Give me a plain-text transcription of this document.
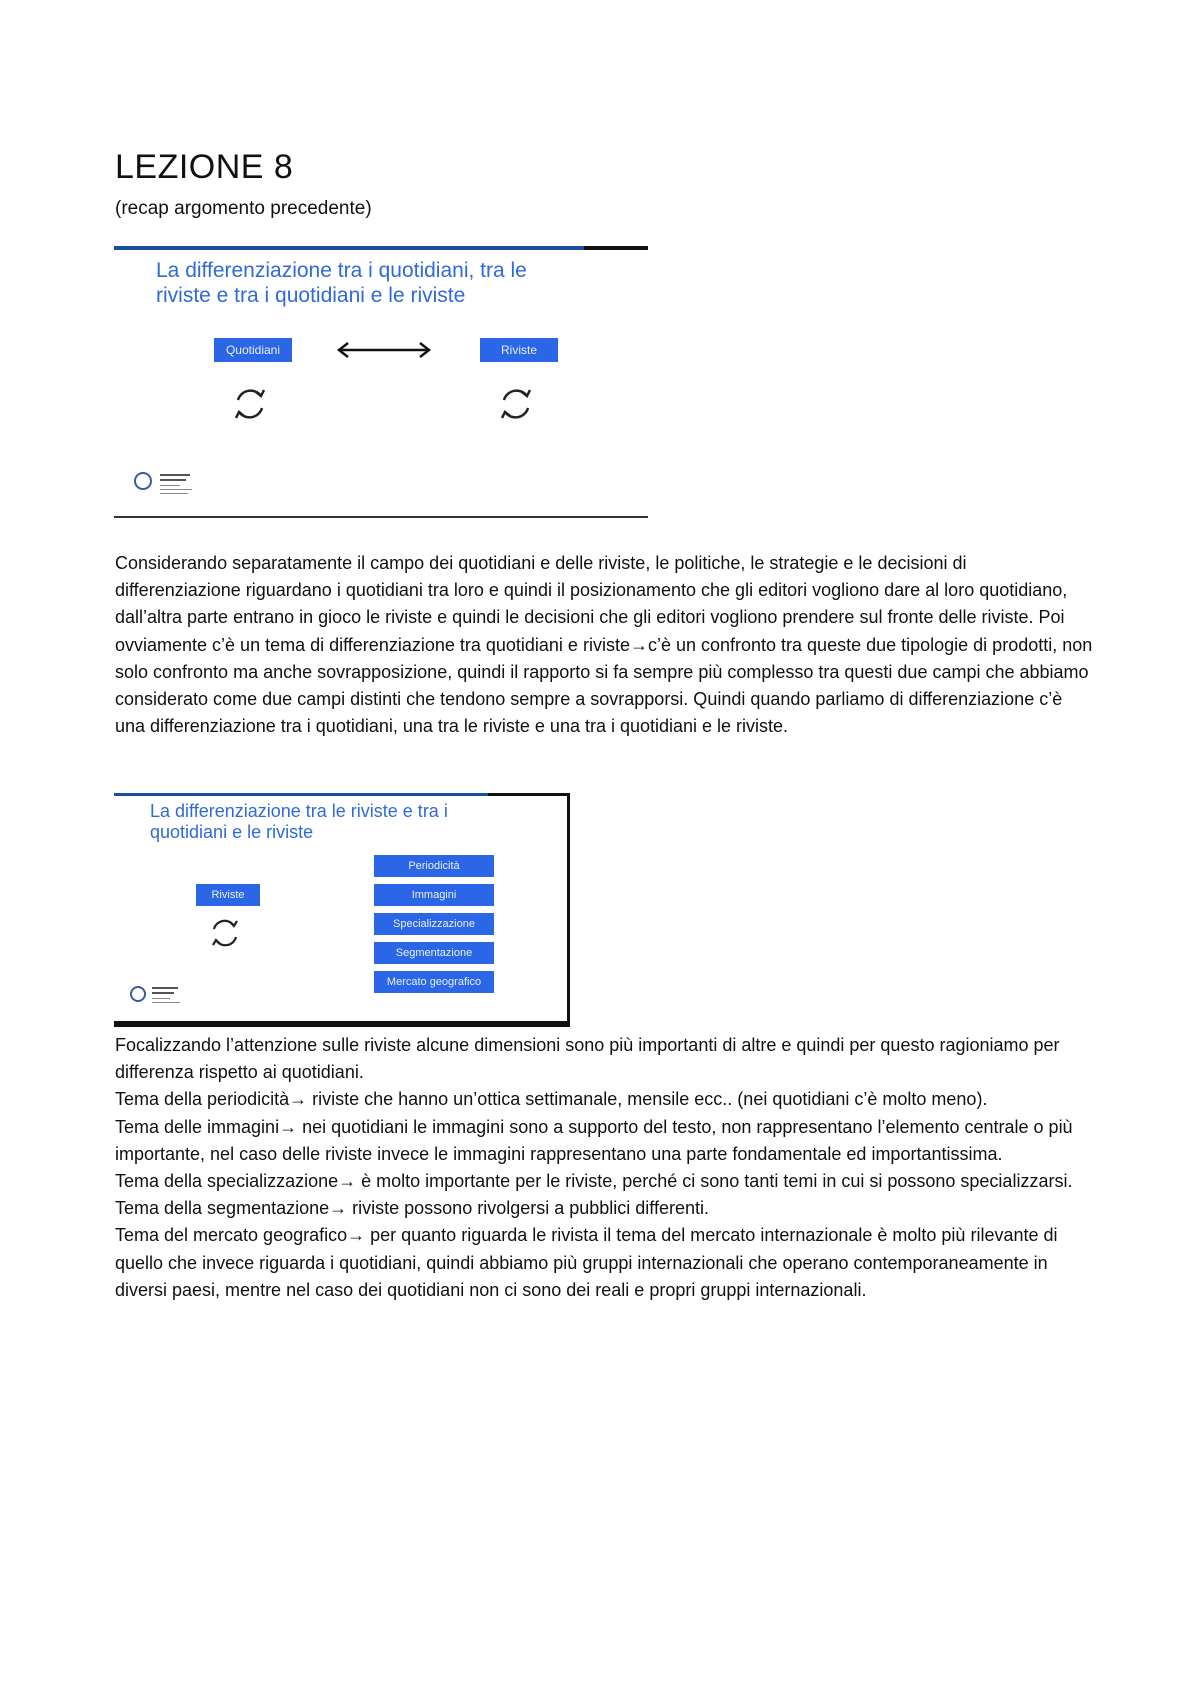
LEZIONE 8
(recap argomento precedente)
La differenziazione tra i quotidiani, tra le
riviste e tra i quotidiani e le riviste
Quotidiani	Riviste

Considerando separatamente il campo dei quotidiani e delle riviste, le politiche, le strategie e le decisioni di differenziazione riguardano i quotidiani tra loro e quindi il posizionamento che gli editori vogliono dare al loro quotidiano, dall’altra parte entrano in gioco le riviste e quindi le decisioni che gli editori vogliono prendere sul fronte delle riviste. Poi ovviamente c’è un tema di differenziazione tra quotidiani e riviste→c’è un confronto tra queste due tipologie di prodotti, non solo confronto ma anche sovrapposizione, quindi il rapporto si fa sempre più complesso tra questi due campi che abbiamo considerato come due campi distinti che tendono sempre a sovrapporsi. Quindi quando parliamo di differenziazione c’è una differenziazione tra i quotidiani, una tra le riviste e una tra i quotidiani e le riviste.

La differenziazione tra le riviste e tra i
quotidiani e le riviste
Riviste
Periodicità
Immagini
Specializzazione
Segmentazione
Mercato geografico

Focalizzando l’attenzione sulle riviste alcune dimensioni sono più importanti di altre e quindi per questo ragioniamo per differenza rispetto ai quotidiani.

Tema della periodicità→ riviste che hanno un’ottica settimanale, mensile ecc.. (nei quotidiani c’è molto meno).

Tema delle immagini→ nei quotidiani le immagini sono a supporto del testo, non rappresentano l’elemento centrale o più importante, nel caso delle riviste invece le immagini rappresentano una parte fondamentale ed importantissima.

Tema della specializzazione→ è molto importante per le riviste, perché ci sono tanti temi in cui si possono specializzarsi.

Tema della segmentazione→ riviste possono rivolgersi a pubblici differenti.

Tema del mercato geografico→ per quanto riguarda le rivista il tema del mercato internazionale è molto più rilevante di quello che invece riguarda i quotidiani, quindi abbiamo più gruppi internazionali che operano contemporaneamente in diversi paesi, mentre nel caso dei quotidiani non ci sono dei reali e propri gruppi internazionali.
